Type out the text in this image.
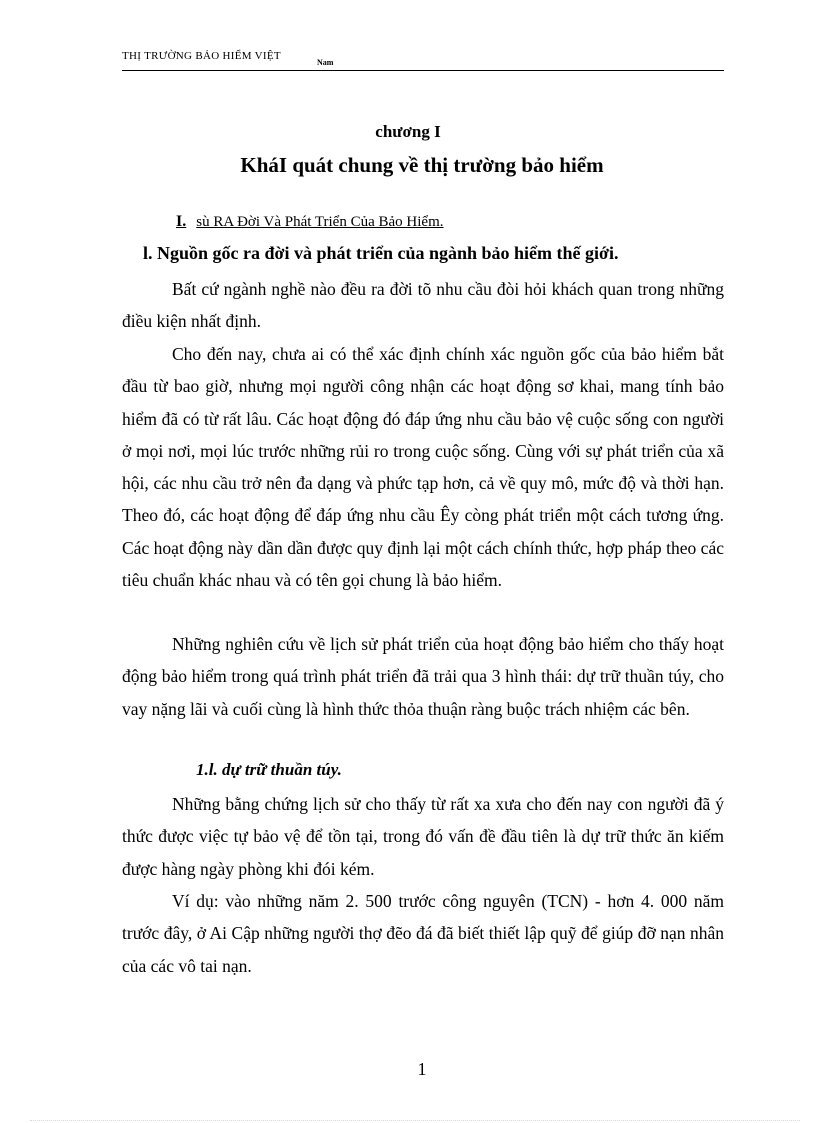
THỊ TRƯỜNG BẢO HIỂM VIỆT
Nam
chương I
KháI quát chung về thị trường bảo hiểm
I. sù RA Đời Và Phát Triển Của Bảo Hiểm.
l. Nguồn gốc ra đời và phát triển của ngành bảo hiểm thế giới.

Bất cứ ngành nghề nào đều ra đời tõ nhu cầu đòi hỏi khách quan trong những điều kiện nhất định.

Cho đến nay, chưa ai có thể xác định chính xác nguồn gốc của bảo hiểm bắt đầu từ bao giờ, nhưng mọi người công nhận các hoạt động sơ khai, mang tính bảo hiểm đã có từ rất lâu. Các hoạt động đó đáp ứng nhu cầu bảo vệ cuộc sống con người ở mọi nơi, mọi lúc trước những rủi ro trong cuộc sống. Cùng với sự phát triển của xã hội, các nhu cầu trở nên đa dạng và phức tạp hơn, cả về quy mô, mức độ và thời hạn. Theo đó, các hoạt động để đáp ứng nhu cầu Êy còng phát triển một cách tương ứng. Các hoạt động này dần dần được quy định lại một cách chính thức, hợp pháp theo các tiêu chuẩn khác nhau và có tên gọi chung là bảo hiểm.

Những nghiên cứu về lịch sử phát triển của hoạt động bảo hiểm cho thấy hoạt động bảo hiểm trong quá trình phát triển đã trải qua 3 hình thái: dự trữ thuần túy, cho vay nặng lãi và cuối cùng là hình thức thỏa thuận ràng buộc trách nhiệm các bên.

1.l. dự trữ thuần túy.

Những bằng chứng lịch sử cho thấy từ rất xa xưa cho đến nay con người đã ý thức được việc tự bảo vệ để tồn tại, trong đó vấn đề đầu tiên là dự trữ thức ăn kiếm được hàng ngày phòng khi đói kém.

Ví dụ: vào những năm 2. 500 trước công nguyên (TCN) - hơn 4. 000 năm trước đây, ở Ai Cập những người thợ đẽo đá đã biết thiết lập quỹ để giúp đỡ nạn nhân của các vô tai nạn.

1
